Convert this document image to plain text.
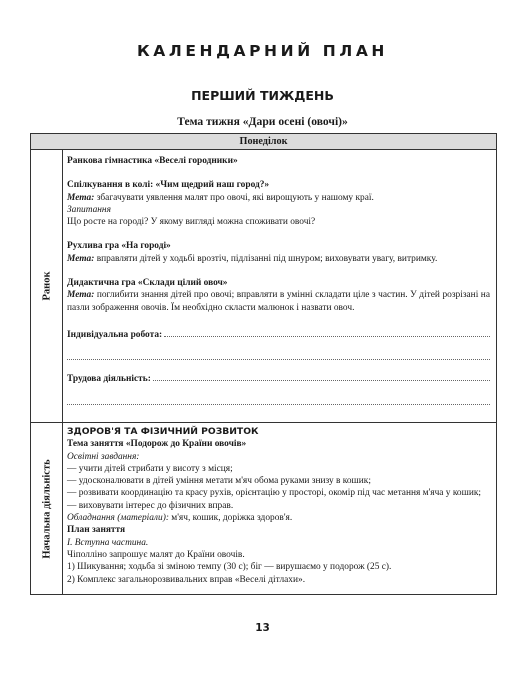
КАЛЕНДАРНИЙ ПЛАН
ПЕРШИЙ ТИЖДЕНЬ
Тема тижня «Дари осені (овочі)»
Понеділок
Ранок

Ранкова гімнастика «Веселі городники»

Спілкування в колі: «Чим щедрий наш город?»

Мета: збагачувати уявлення малят про овочі, які вирощують у нашому краї.

Запитання

Що росте на городі? У якому вигляді можна споживати овочі?

Рухлива гра «На городі»

Мета: вправляти дітей у ходьбі врозтіч, підлізанні під шнуром; виховувати увагу, витримку.

Дидактична гра «Склади цілий овоч»

Мета: поглибити знання дітей про овочі; вправляти в умінні складати ціле з частин. У дітей розрізані на пазли зображення овочів. Їм необхідно скласти малюнок і назвати овоч.

Індивідуальна робота:
Трудова діяльність:
Начальна діяльність

ЗДОРОВ'Я ТА ФІЗИЧНИЙ РОЗВИТОК

Тема заняття «Подорож до Країни овочів»

Освітні завдання:

— учити дітей стрибати у висоту з місця;

— удосконалювати в дітей уміння метати м'яч обома руками знизу в кошик;

— розвивати координацію та красу рухів, орієнтацію у просторі, окомір під час метання м'яча у кошик;

— виховувати інтерес до фізичних вправ.

Обладнання (матеріали): м'яч, кошик, доріжка здоров'я.

План заняття

I. Вступна частина.

Чіполліно запрошує малят до Країни овочів.

1) Шикування; ходьба зі зміною темпу (30 с); біг — вирушаємо у подорож (25 с).

2) Комплекс загальнорозвивальних вправ «Веселі дітлахи».

13
